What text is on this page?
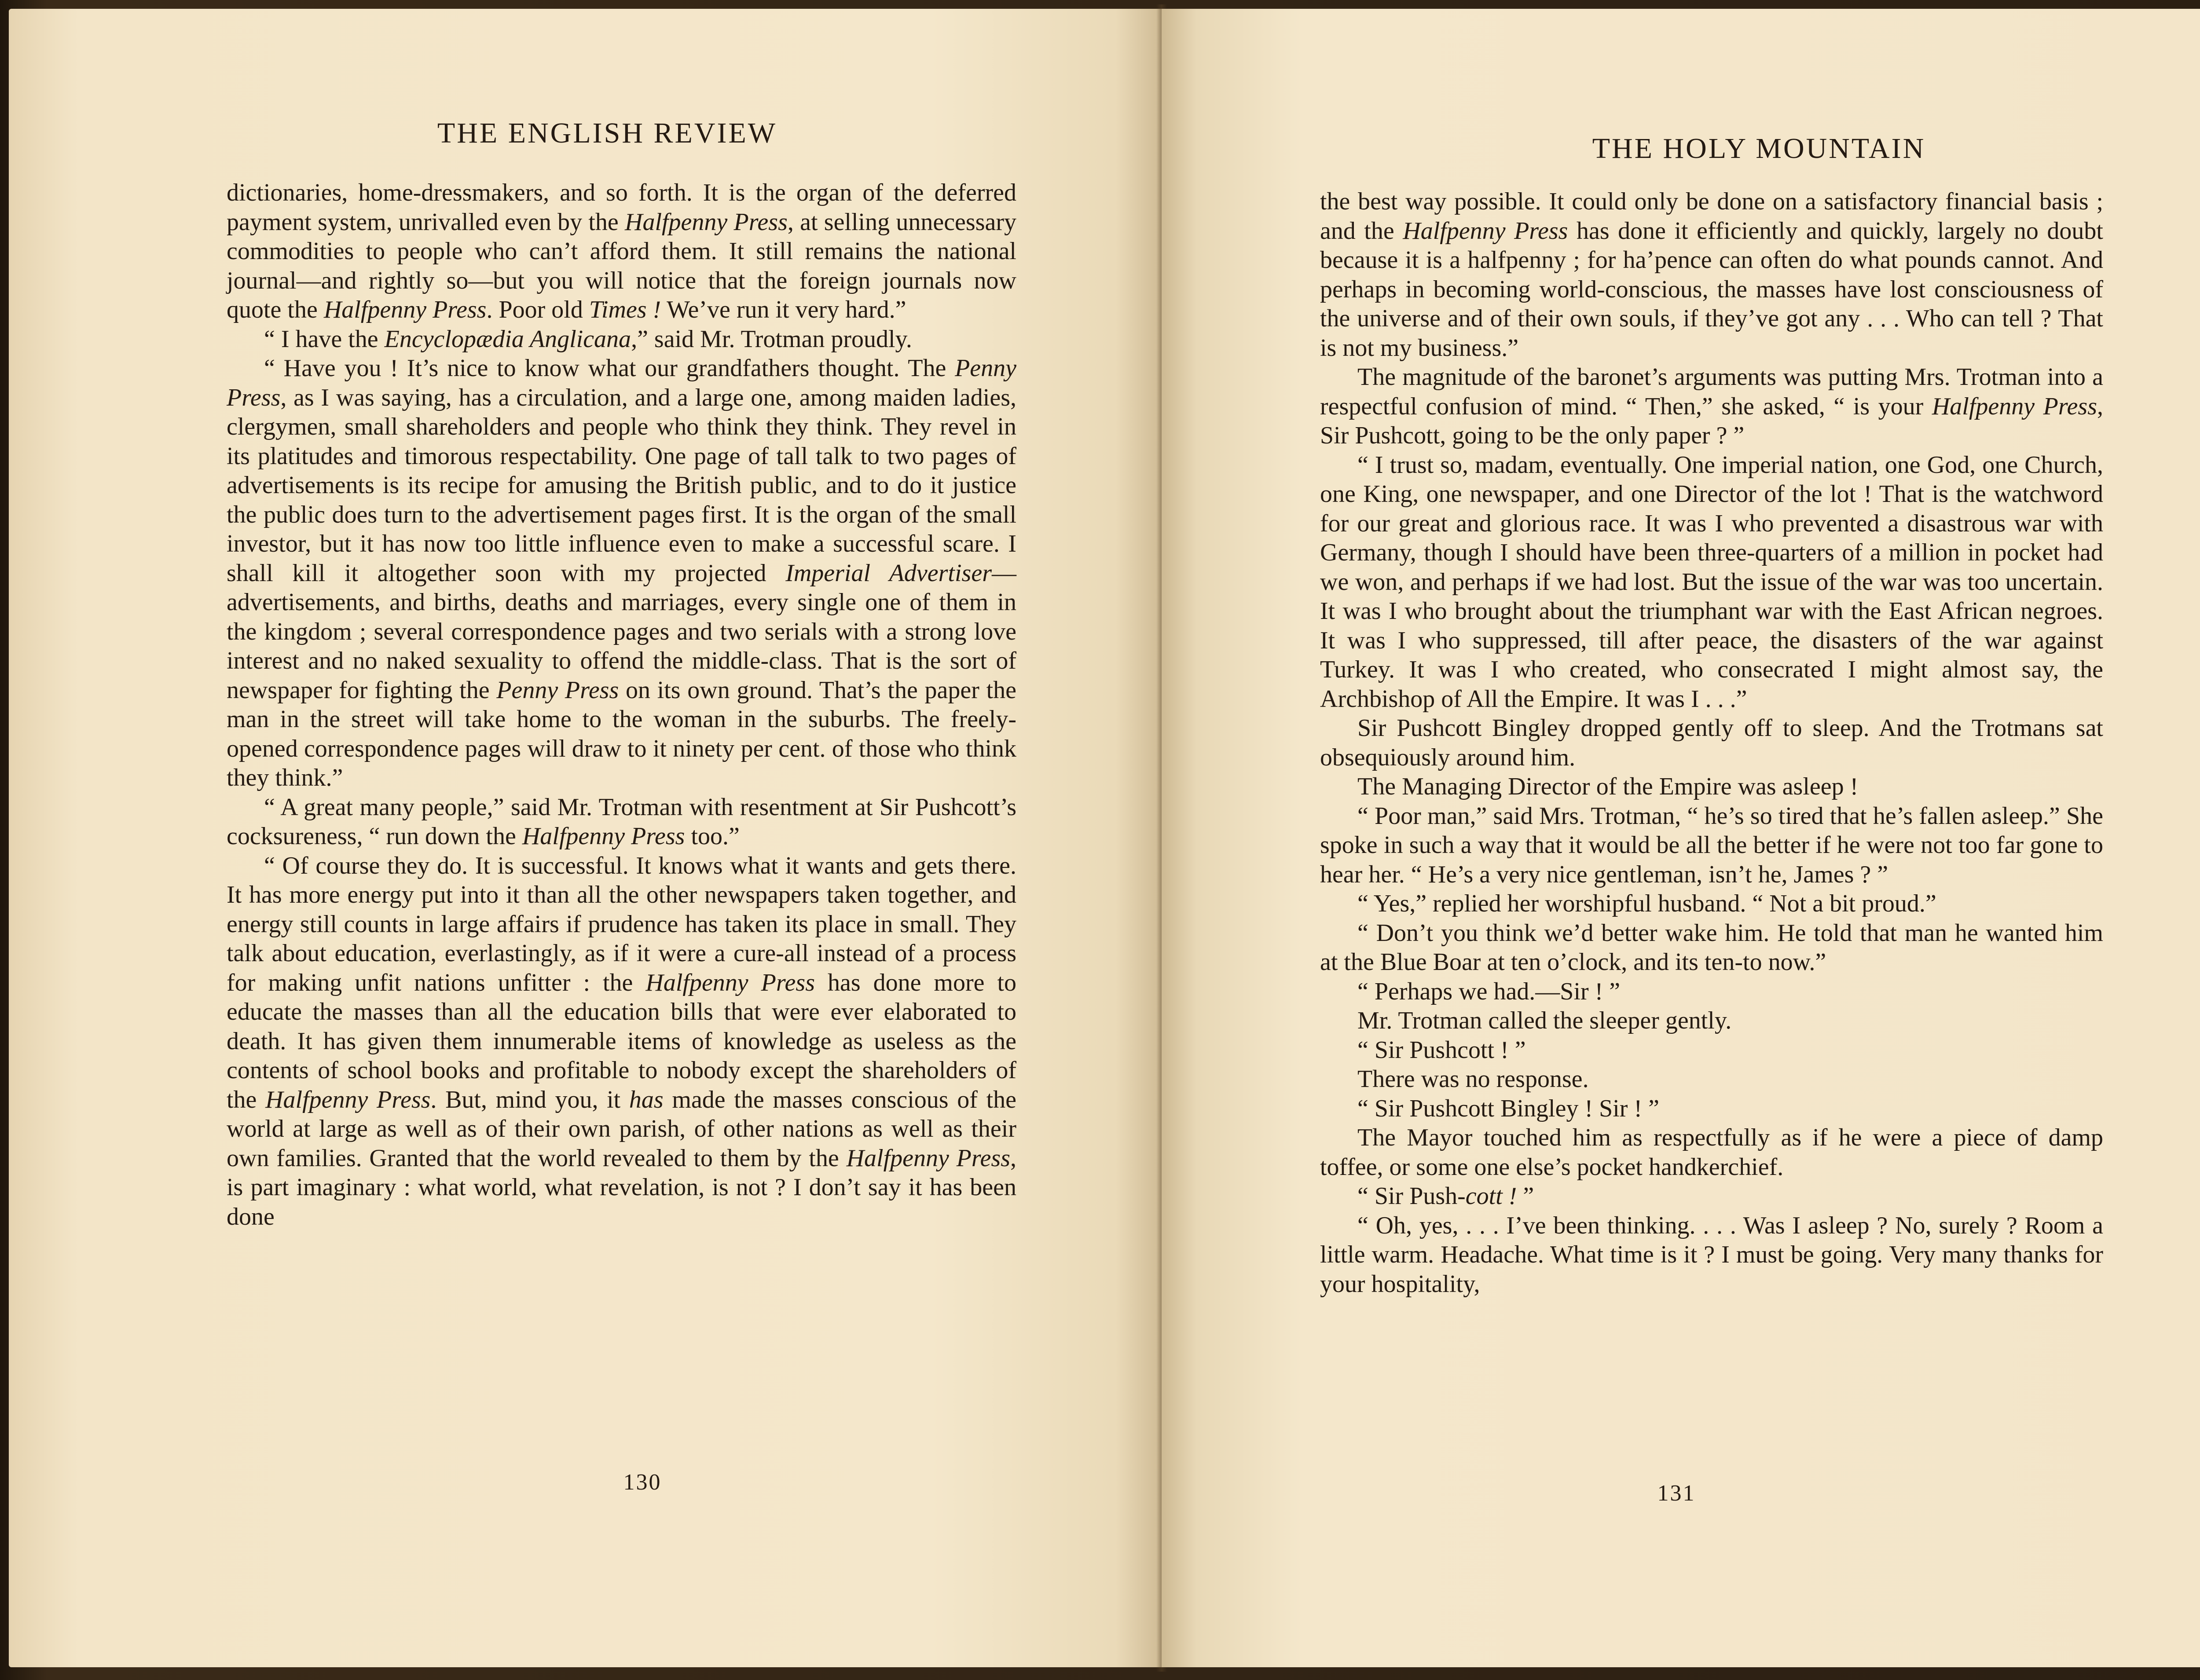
THE ENGLISH REVIEW

dictionaries, home-dressmakers, and so forth. It is the organ of the deferred payment system, unrivalled even by the Halfpenny Press, at selling unnecessary commodities to people who can’t afford them. It still remains the national journal—and rightly so—but you will notice that the foreign journals now quote the Halfpenny Press. Poor old Times ! We’ve run it very hard.”

“ I have the Encyclopædia Anglicana,” said Mr. Trotman proudly.

“ Have you ! It’s nice to know what our grandfathers thought. The Penny Press, as I was saying, has a circulation, and a large one, among maiden ladies, clergymen, small shareholders and people who think they think. They revel in its platitudes and timorous respectability. One page of tall talk to two pages of advertisements is its recipe for amusing the British public, and to do it justice the public does turn to the advertisement pages first. It is the organ of the small investor, but it has now too little influence even to make a successful scare. I shall kill it altogether soon with my projected Imperial Advertiser—advertisements, and births, deaths and marriages, every single one of them in the kingdom ; several correspondence pages and two serials with a strong love interest and no naked sexuality to offend the middle-class. That is the sort of newspaper for fighting the Penny Press on its own ground. That’s the paper the man in the street will take home to the woman in the suburbs. The freely-opened correspondence pages will draw to it ninety per cent. of those who think they think.”

“ A great many people,” said Mr. Trotman with resentment at Sir Pushcott’s cocksureness, “ run down the Halfpenny Press too.”

“ Of course they do. It is successful. It knows what it wants and gets there. It has more energy put into it than all the other newspapers taken together, and energy still counts in large affairs if prudence has taken its place in small. They talk about education, everlastingly, as if it were a cure-all instead of a process for making unfit nations unfitter : the Halfpenny Press has done more to educate the masses than all the education bills that were ever elaborated to death. It has given them innumerable items of knowledge as useless as the contents of school books and profitable to nobody except the shareholders of the Halfpenny Press. But, mind you, it has made the masses conscious of the world at large as well as of their own parish, of other nations as well as their own families. Granted that the world revealed to them by the Halfpenny Press, is part imaginary : what world, what revelation, is not ? I don’t say it has been done

130
THE HOLY MOUNTAIN

the best way possible. It could only be done on a satisfactory financial basis ; and the Halfpenny Press has done it efficiently and quickly, largely no doubt because it is a halfpenny ; for ha’pence can often do what pounds cannot. And perhaps in becoming world-conscious, the masses have lost consciousness of the universe and of their own souls, if they’ve got any . . . Who can tell ? That is not my business.”

The magnitude of the baronet’s arguments was putting Mrs. Trotman into a respectful confusion of mind. “ Then,” she asked, “ is your Halfpenny Press, Sir Pushcott, going to be the only paper ? ”

“ I trust so, madam, eventually. One imperial nation, one God, one Church, one King, one newspaper, and one Director of the lot ! That is the watchword for our great and glorious race. It was I who prevented a disastrous war with Germany, though I should have been three-quarters of a million in pocket had we won, and perhaps if we had lost. But the issue of the war was too uncertain. It was I who brought about the triumphant war with the East African negroes. It was I who suppressed, till after peace, the disasters of the war against Turkey. It was I who created, who consecrated I might almost say, the Archbishop of All the Empire. It was I . . .”

Sir Pushcott Bingley dropped gently off to sleep. And the Trotmans sat obsequiously around him.

The Managing Director of the Empire was asleep !

“ Poor man,” said Mrs. Trotman, “ he’s so tired that he’s fallen asleep.” She spoke in such a way that it would be all the better if he were not too far gone to hear her. “ He’s a very nice gentleman, isn’t he, James ? ”

“ Yes,” replied her worshipful husband. “ Not a bit proud.”

“ Don’t you think we’d better wake him. He told that man he wanted him at the Blue Boar at ten o’clock, and its ten-to now.”

“ Perhaps we had.—Sir ! ”

Mr. Trotman called the sleeper gently.

“ Sir Pushcott ! ”

There was no response.

“ Sir Pushcott Bingley ! Sir ! ”

The Mayor touched him as respectfully as if he were a piece of damp toffee, or some one else’s pocket handkerchief.

“ Sir Push-cott ! ”

“ Oh, yes, . . . I’ve been thinking. . . . Was I asleep ? No, surely ? Room a little warm. Headache. What time is it ? I must be going. Very many thanks for your hospitality,

131
